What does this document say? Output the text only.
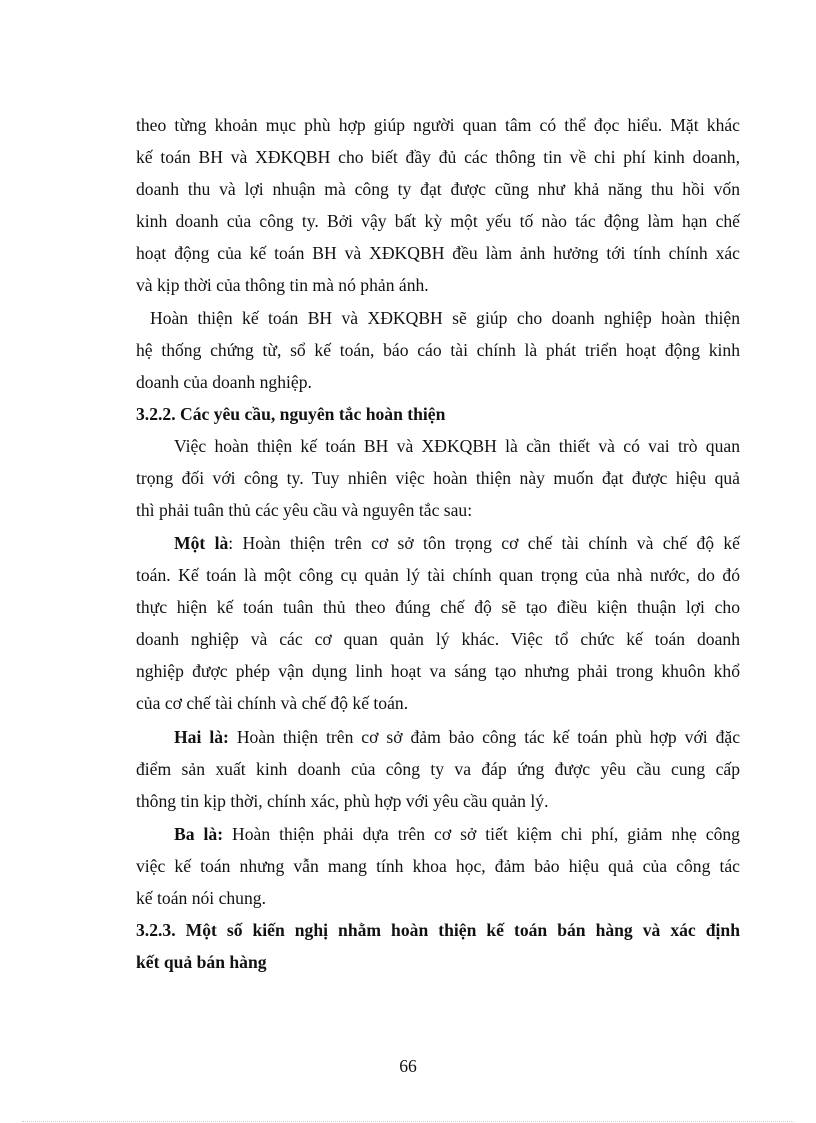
theo từng khoản mục phù hợp giúp người quan tâm có thể đọc hiểu. Mặt khác
kế toán BH và XĐKQBH cho biết đầy đủ các thông tin về chi phí kinh doanh,
doanh thu và lợi nhuận mà công ty đạt được cũng như khả năng thu hồi vốn
kinh doanh của công ty. Bởi vậy bất kỳ một yếu tố nào tác động làm hạn chế
hoạt động của kế toán BH và XĐKQBH đều làm ảnh hưởng tới tính chính xác
và kịp thời của thông tin mà nó phản ánh.
Hoàn thiện kế toán BH và XĐKQBH sẽ giúp cho doanh nghiệp hoàn thiện
hệ thống chứng từ, sổ kế toán, báo cáo tài chính là phát triển hoạt động kinh
doanh của doanh nghiệp.
3.2.2. Các yêu cầu, nguyên tắc hoàn thiện
Việc hoàn thiện kế toán BH và XĐKQBH là cần thiết và có vai trò quan
trọng đối với công ty. Tuy nhiên việc hoàn thiện này muốn đạt được hiệu quả
thì phải tuân thủ các yêu cầu và nguyên tắc sau:
Một là: Hoàn thiện trên cơ sở tôn trọng cơ chế tài chính và chế độ kế
toán. Kế toán là một công cụ quản lý tài chính quan trọng của nhà nước, do đó
thực hiện kế toán tuân thủ theo đúng chế độ sẽ tạo điều kiện thuận lợi cho
doanh nghiệp và các cơ quan quản lý khác. Việc tổ chức kế toán doanh
nghiệp được phép vận dụng linh hoạt va sáng tạo nhưng phải trong khuôn khổ
của cơ chế tài chính và chế độ kế toán.
Hai là: Hoàn thiện trên cơ sở đảm bảo công tác kế toán phù hợp với đặc
điểm sản xuất kinh doanh của công ty va đáp ứng được yêu cầu cung cấp
thông tin kịp thời, chính xác, phù hợp với yêu cầu quản lý.
Ba là: Hoàn thiện phải dựa trên cơ sở tiết kiệm chi phí, giảm nhẹ công
việc kế toán nhưng vẫn mang tính khoa học, đảm bảo hiệu quả của công tác
kế toán nói chung.
3.2.3. Một số kiến nghị nhằm hoàn thiện kế toán bán hàng và xác định
kết quả bán hàng
66
